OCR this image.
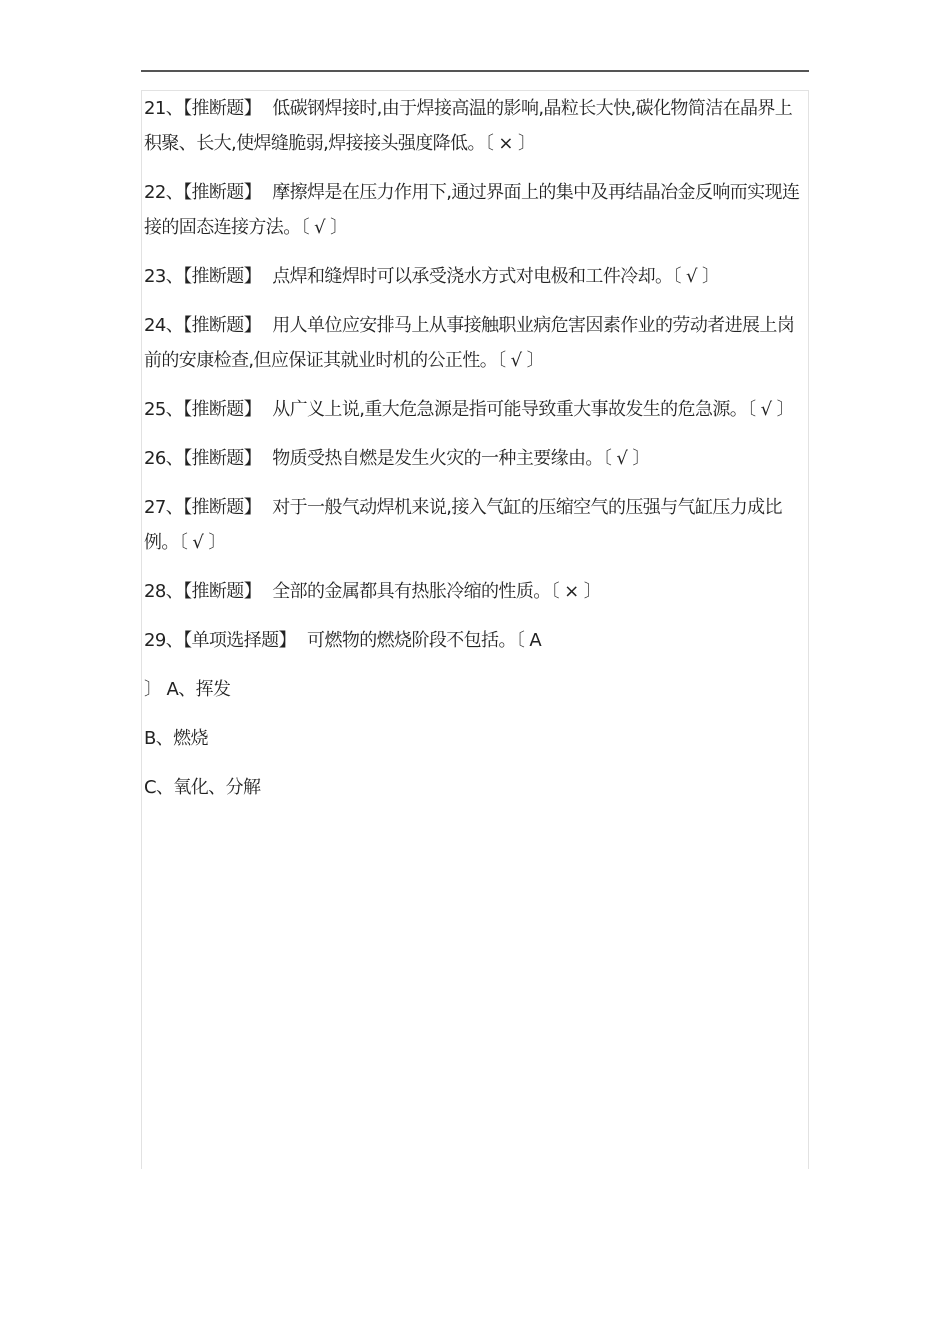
21、【推断题】 低碳钢焊接时,由于焊接高温的影响,晶粒长大快,碳化物简洁在晶界上积聚、长大,使焊缝脆弱,焊接接头强度降低。〔 × 〕
22、【推断题】 摩擦焊是在压力作用下,通过界面上的集中及再结晶冶金反响而实现连接的固态连接方法。〔 √ 〕
23、【推断题】 点焊和缝焊时可以承受浇水方式对电极和工件冷却。〔 √ 〕
24、【推断题】 用人单位应安排马上从事接触职业病危害因素作业的劳动者进展上岗前的安康检查,但应保证其就业时机的公正性。〔 √ 〕
25、【推断题】 从广义上说,重大危急源是指可能导致重大事故发生的危急源。〔 √ 〕
26、【推断题】 物质受热自燃是发生火灾的一种主要缘由。〔 √ 〕
27、【推断题】 对于一般气动焊机来说,接入气缸的压缩空气的压强与气缸压力成比例。〔 √ 〕
28、【推断题】 全部的金属都具有热胀冷缩的性质。〔 × 〕
29、【单项选择题】 可燃物的燃烧阶段不包括。〔 A
〕 A、挥发
B、燃烧
C、氧化、分解
